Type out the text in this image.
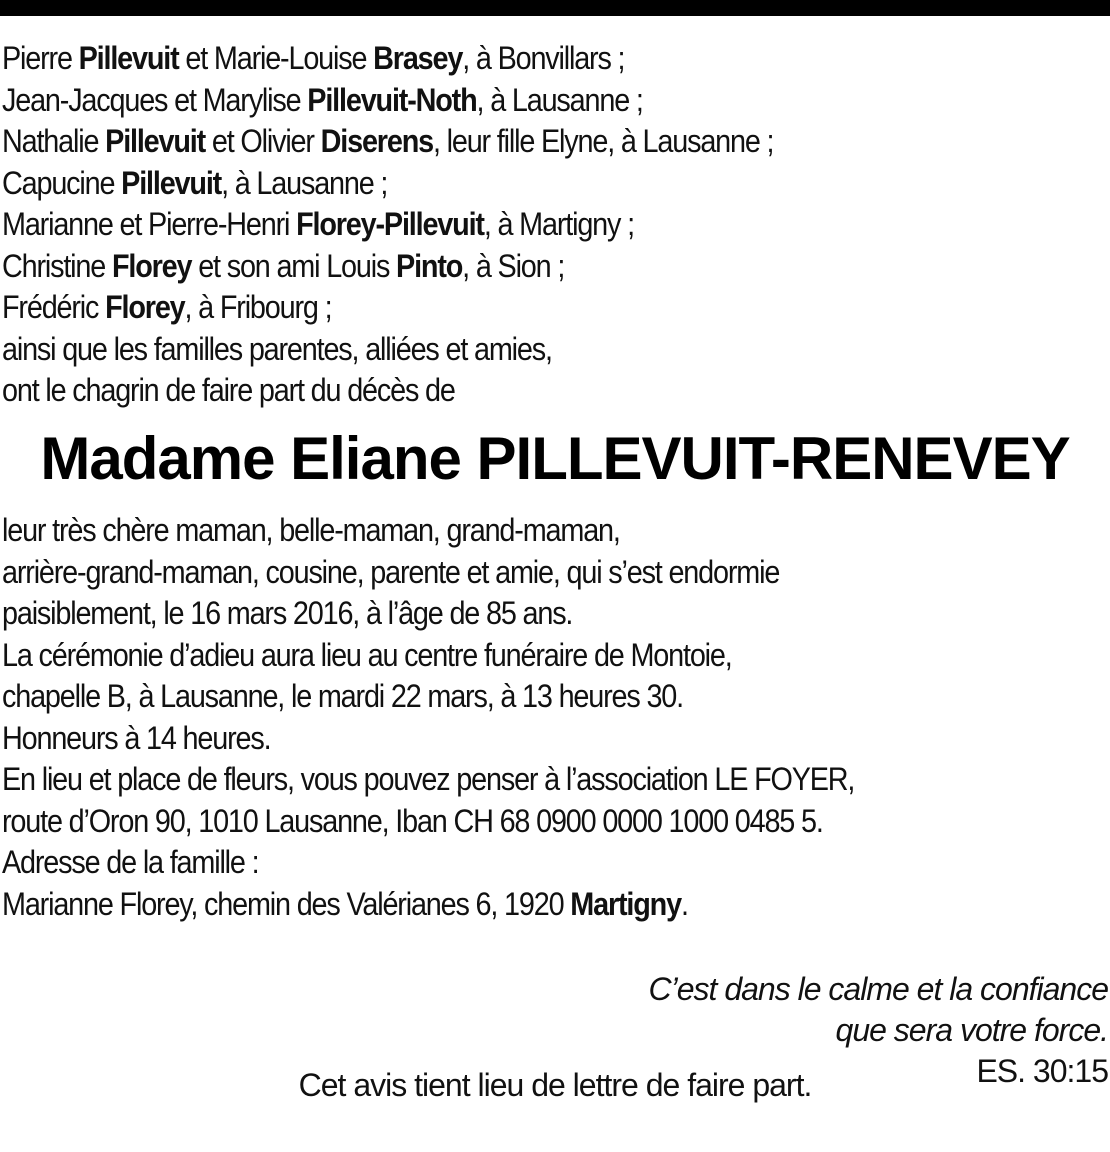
Pierre Pillevuit et Marie-Louise Brasey, à Bonvillars ;
Jean-Jacques et Marylise Pillevuit-Noth, à Lausanne ;
Nathalie Pillevuit et Olivier Diserens, leur fille Elyne, à Lausanne ;
Capucine Pillevuit, à Lausanne ;
Marianne et Pierre-Henri Florey-Pillevuit, à Martigny ;
Christine Florey et son ami Louis Pinto, à Sion ;
Frédéric Florey, à Fribourg ;
ainsi que les familles parentes, alliées et amies,
ont le chagrin de faire part du décès de
Madame Eliane PILLEVUIT-RENEVEY
leur très chère maman, belle-maman, grand-maman,
arrière-grand-maman, cousine, parente et amie, qui s’est endormie
paisiblement, le 16 mars 2016, à l’âge de 85 ans.
La cérémonie d’adieu aura lieu au centre funéraire de Montoie,
chapelle B, à Lausanne, le mardi 22 mars, à 13 heures 30.
Honneurs à 14 heures.
En lieu et place de fleurs, vous pouvez penser à l’association LE FOYER,
route d’Oron 90, 1010 Lausanne, Iban CH 68 0900 0000 1000 0485 5.
Adresse de la famille :
Marianne Florey, chemin des Valérianes 6, 1920 Martigny.
C’est dans le calme et la confiance
que sera votre force.
ES. 30:15
Cet avis tient lieu de lettre de faire part.
